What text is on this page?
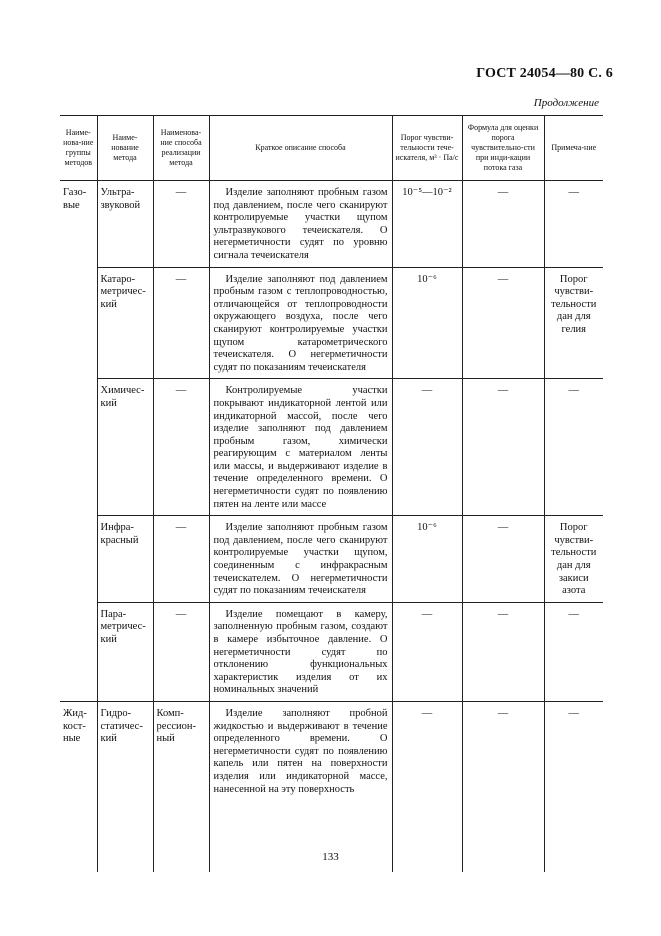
ГОСТ 24054—80 С. 6
Продолжение
Наиме-нова-ние группы методов	Наиме-нование метода	Наименова-ние способа реализации метода	Краткое описание способа	Порог чувстви-тельности тече-искателя, м³ · Па/с	Формула для оценки порога чувствительно-сти при инди-кации потока газа	Примеча-ние
Газо-вые	Ультра-звуковой	—	Изделие заполняют пробным газом под давлением, после чего сканируют контролируемые участки щупом ультразвукового течеискателя. О негерметичности судят по уровню сигнала течеискателя	10⁻⁵—10⁻²	—	—
	Катаро-метричес-кий	—	Изделие заполняют под давлением пробным газом с теплопроводностью, отличающейся от теплопроводности окружающего воздуха, после чего сканируют контролируемые участки щупом катарометрического течеискателя. О негерметичности судят по показаниям течеискателя	10⁻⁶	—	Порог чувстви-тельности дан для гелия
	Химичес-кий	—	Контролируемые участки покрывают индикаторной лентой или индикаторной массой, после чего изделие заполняют под давлением пробным газом, химически реагирующим с материалом ленты или массы, и выдерживают изделие в течение определенного времени. О негерметичности судят по появлению пятен на ленте или массе	—	—	—
	Инфра-красный	—	Изделие заполняют пробным газом под давлением, после чего сканируют контролируемые участки щупом, соединенным с инфракрасным течеискателем. О негерметичности судят по показаниям течеискателя	10⁻⁶	—	Порог чувстви-тельности дан для закиси азота
	Пара-метричес-кий	—	Изделие помещают в камеру, заполненную пробным газом, создают в камере избыточное давление. О негерметичности судят по отклонению функциональных характеристик изделия от их номинальных значений	—	—	—
Жид-кост-ные	Гидро-статичес-кий	Комп-рессион-ный	Изделие заполняют пробной жидкостью и выдерживают в течение определенного времени. О негерметичности судят по появлению капель или пятен на поверхности изделия или индикаторной массе, нанесенной на эту поверхность	—	—	—
133
